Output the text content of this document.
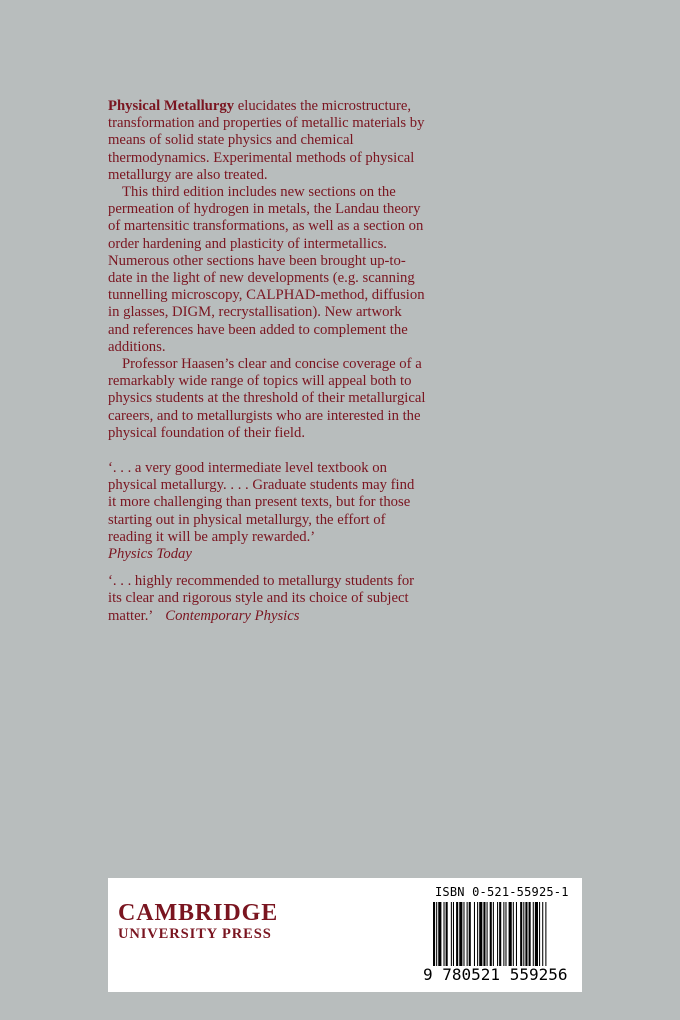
Physical Metallurgy elucidates the microstructure, transformation and properties of metallic materials by means of solid state physics and chemical thermodynamics. Experimental methods of physical metallurgy are also treated.

This third edition includes new sections on the permeation of hydrogen in metals, the Landau theory of martensitic transformations, as well as a section on order hardening and plasticity of intermetallics. Numerous other sections have been brought up-to-date in the light of new developments (e.g. scanning tunnelling microscopy, CALPHAD-method, diffusion in glasses, DIGM, recrystallisation). New artwork and references have been added to complement the additions.

Professor Haasen’s clear and concise coverage of a remarkably wide range of topics will appeal both to physics students at the threshold of their metallurgical careers, and to metallurgists who are interested in the physical foundation of their field.

‘. . . a very good intermediate level textbook on physical metallurgy. . . . Graduate students may find it more challenging than present texts, but for those starting out in physical metallurgy, the effort of reading it will be amply rewarded.’
Physics Today

‘. . . highly recommended to metallurgy students for its clear and rigorous style and its choice of subject matter.’ Contemporary Physics

CAMBRIDGE
UNIVERSITY PRESS
ISBN 0-521-55925-1
9 780521 559256
